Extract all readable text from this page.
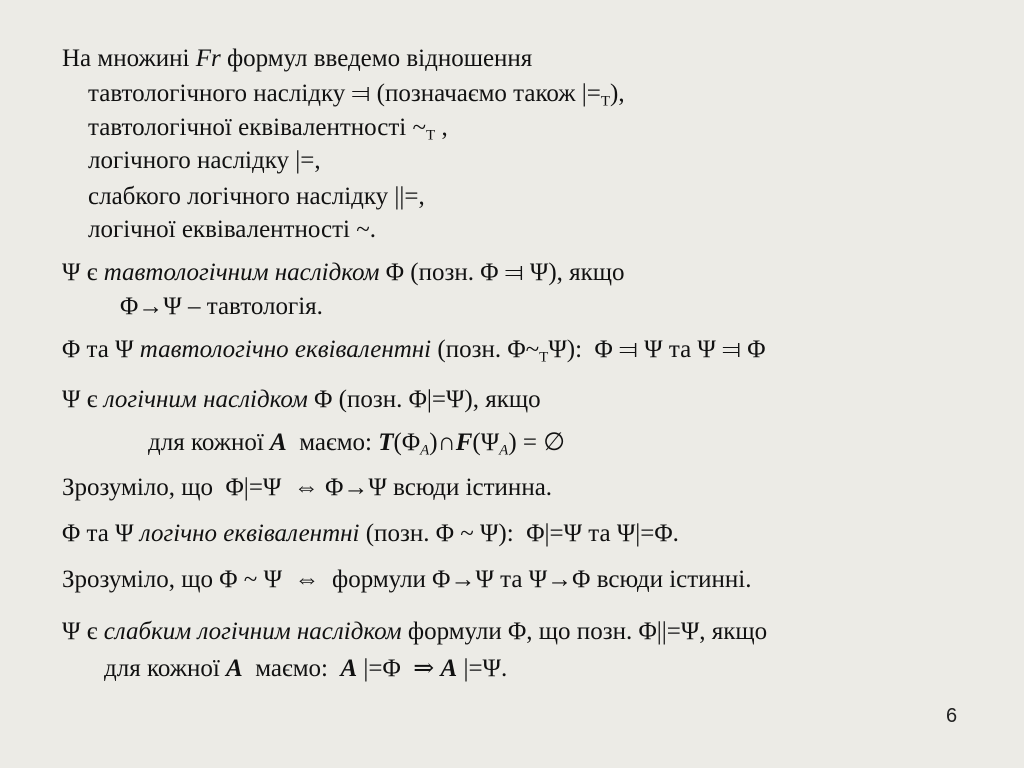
На множині Fr формул введемо відношення
тавтологічного наслідку ⫤ (позначаємо також $|=_T$),
тавтологічної еквівалентності $\sim_T$ ,
логічного наслідку |=,
слабкого логічного наслідку ||=,
логічної еквівалентності ~.
Ψ є тавтологічним наслідком Φ (позн. Φ ⫤ Ψ), якщо
Φ→Ψ – тавтологія.
Φ та Ψ тавтологічно еквівалентні (позн. $\Phi\sim_T\Psi$):  Φ ⫤ Ψ та Ψ ⫤ Φ
Ψ є логічним наслідком Φ (позн. Φ|=Ψ), якщо
для кожної A  маємо: $T(\Phi_A)\cap F(\Psi_A)$ = ∅
Зрозуміло, що  Φ|=Ψ  ⇔ Φ→Ψ всюди істинна.
Φ та Ψ логічно еквівалентні (позн. Φ ~ Ψ):  Φ|=Ψ та Ψ|=Φ.
Зрозуміло, що Φ ~ Ψ  ⇔  формули Φ→Ψ та Ψ→Φ всюди істинні.
Ψ є слабким логічним наслідком формули Φ, що позн. Φ||=Ψ, якщо
для кожної A  маємо:  A |=Φ  ⇒ A |=Ψ.
6
